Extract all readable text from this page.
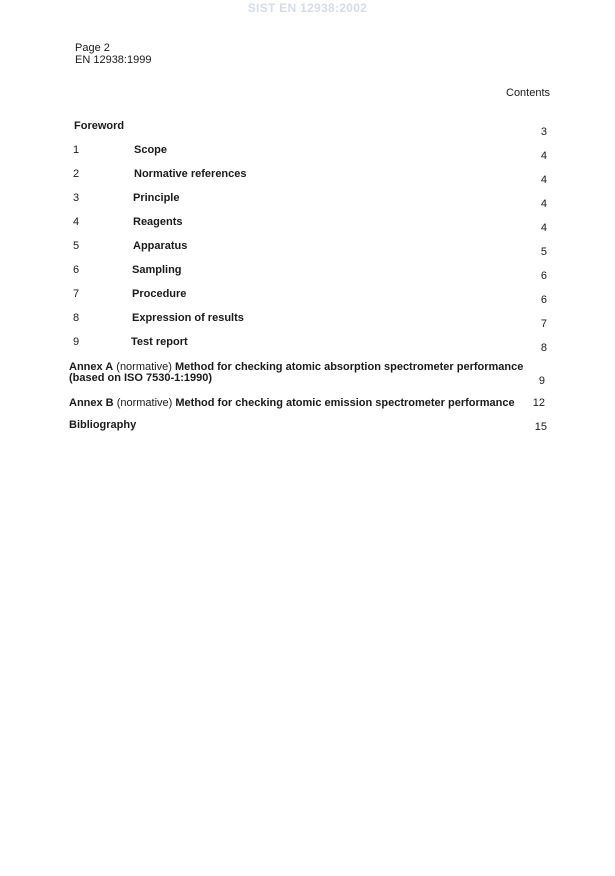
SIST EN 12938:2002
Page 2
EN 12938:1999
Contents
Foreword	3
1	Scope	4
2	Normative references	4
3	Principle	4
4	Reagents	4
5	Apparatus	5
6	Sampling	6
7	Procedure	6
8	Expression of results	7
9	Test report	8
Annex A (normative) Method for checking atomic absorption spectrometer performance (based on ISO 7530-1:1990)	9
Annex B (normative) Method for checking atomic emission spectrometer performance 12
Bibliography	15
